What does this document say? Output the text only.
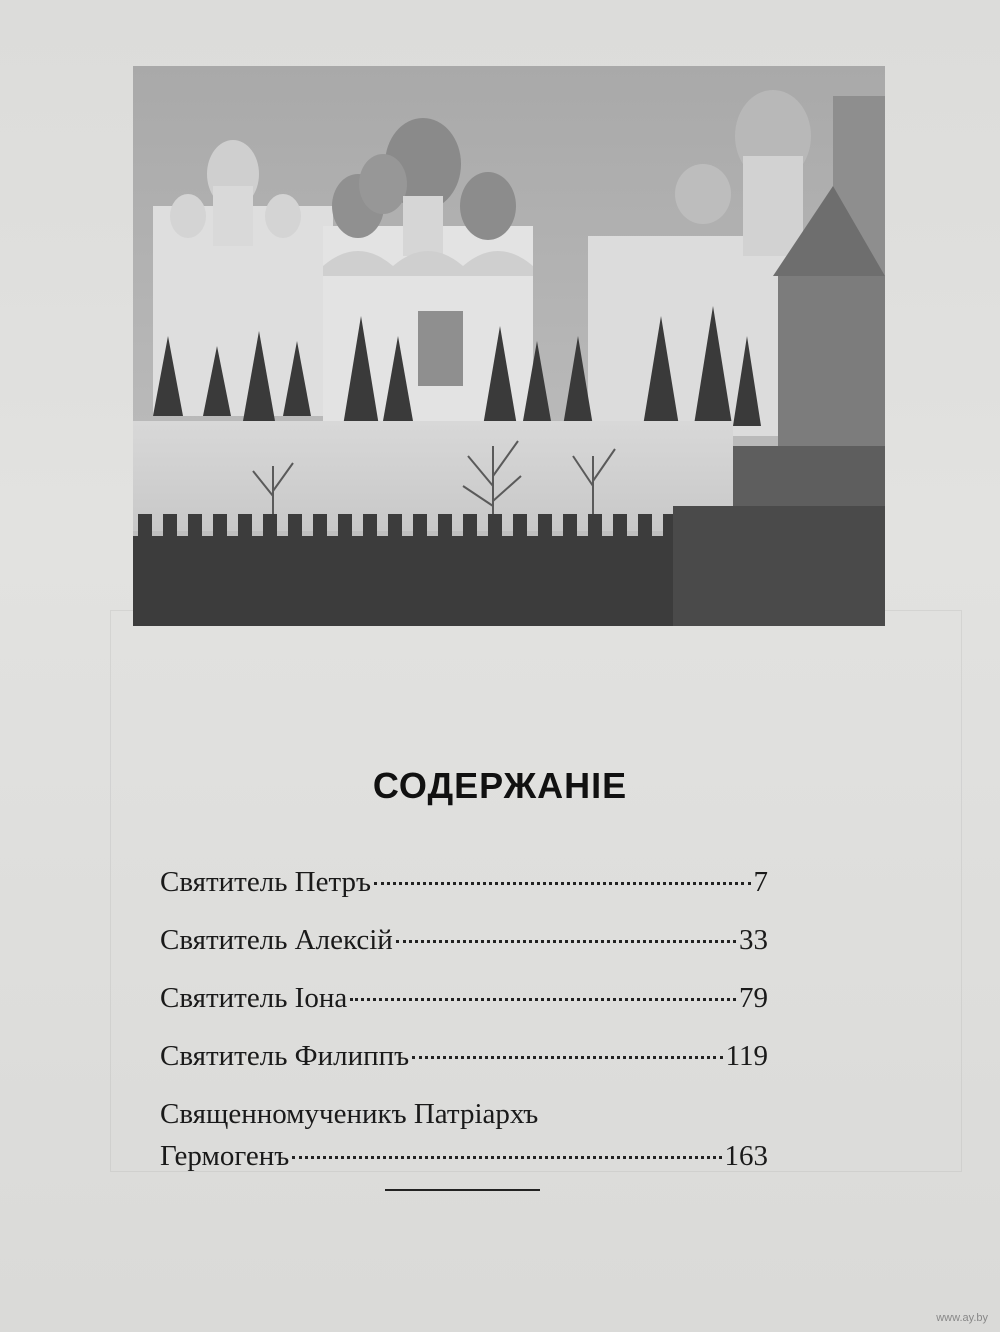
СОДЕРЖАНІЕ
Святитель Петръ	7
Святитель Алексій	33
Святитель Іона	79
Святитель Филиппъ	119
Священномученикъ Патріархъ
Гермогенъ	163
www.ay.by
